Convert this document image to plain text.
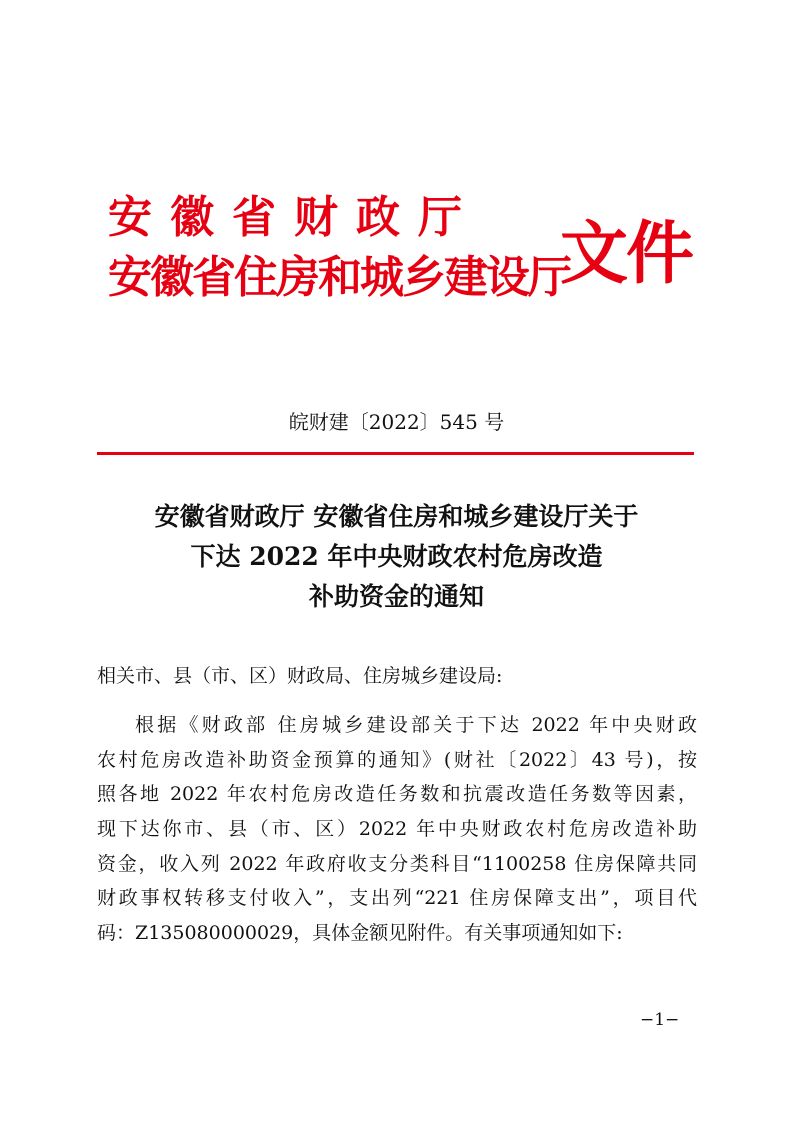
安徽省财政厅
安徽省住房和城乡建设厅
文件
皖财建〔2022〕545 号
安徽省财政厅 安徽省住房和城乡建设厅关于
下达 2022 年中央财政农村危房改造
补助资金的通知
相关市、县（市、区）财政局、住房城乡建设局:
根据《财政部 住房城乡建设部关于下达 2022 年中央财政
农村危房改造补助资金预算的通知》(财社〔2022〕43 号)，按
照各地 2022 年农村危房改造任务数和抗震改造任务数等因素，
现下达你市、县（市、区）2022 年中央财政农村危房改造补助
资金，收入列 2022 年政府收支分类科目“1100258 住房保障共同
财政事权转移支付收入”，支出列“221 住房保障支出”，项目代
码：Z135080000029，具体金额见附件。有关事项通知如下:
−1−
